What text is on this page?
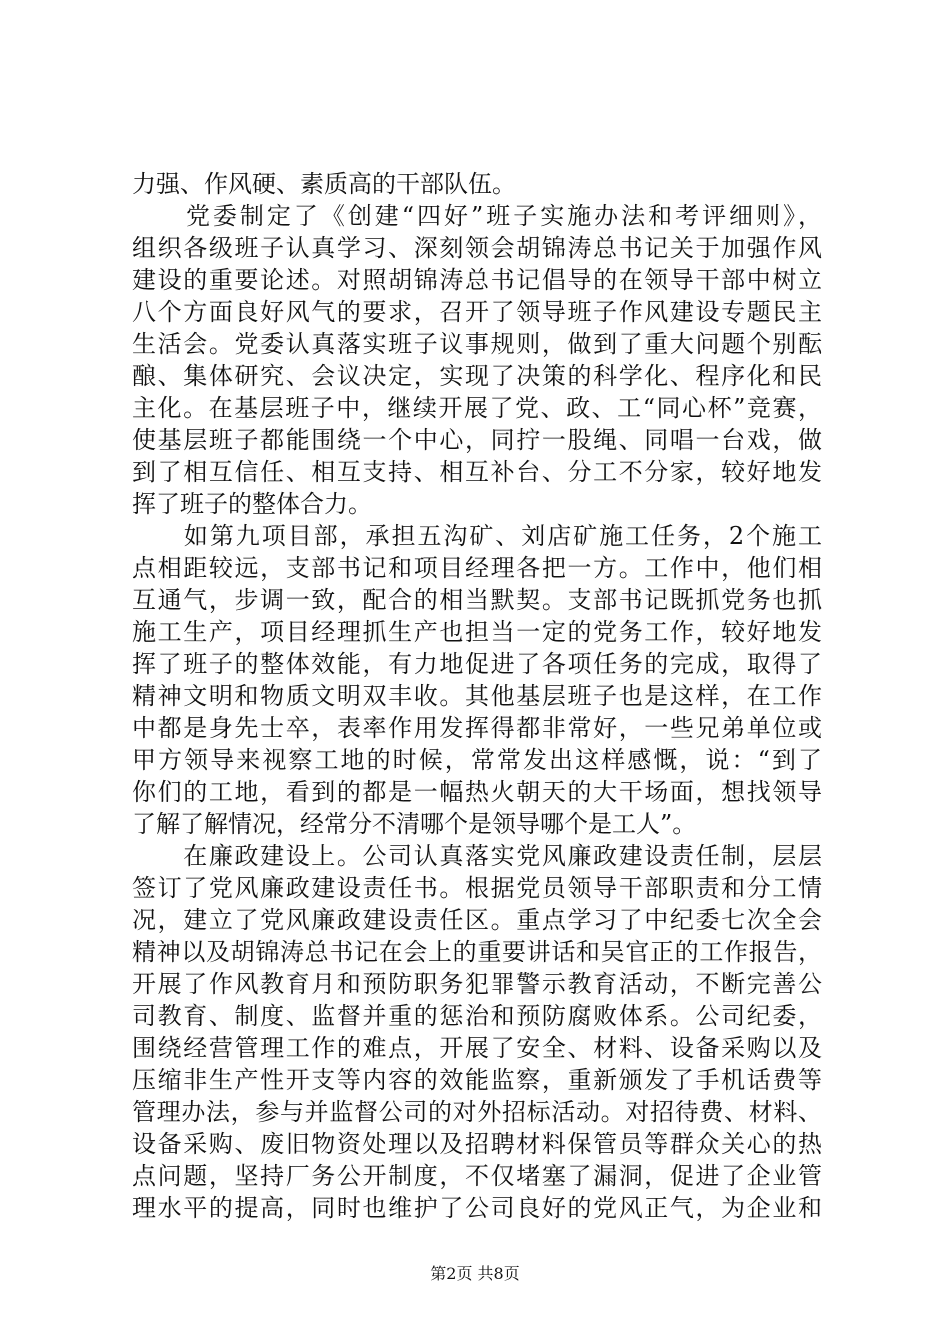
力强、作风硬、素质高的干部队伍。
　　党委制定了《创建“四好”班子实施办法和考评细则》，
组织各级班子认真学习、深刻领会胡锦涛总书记关于加强作风
建设的重要论述。对照胡锦涛总书记倡导的在领导干部中树立
八个方面良好风气的要求，召开了领导班子作风建设专题民主
生活会。党委认真落实班子议事规则，做到了重大问题个别酝
酿、集体研究、会议决定，实现了决策的科学化、程序化和民
主化。在基层班子中，继续开展了党、政、工“同心杯”竞赛，
使基层班子都能围绕一个中心，同拧一股绳、同唱一台戏，做
到了相互信任、相互支持、相互补台、分工不分家，较好地发
挥了班子的整体合力。
　　如第九项目部，承担五沟矿、刘店矿施工任务，2个施工
点相距较远，支部书记和项目经理各把一方。工作中，他们相
互通气，步调一致，配合的相当默契。支部书记既抓党务也抓
施工生产，项目经理抓生产也担当一定的党务工作，较好地发
挥了班子的整体效能，有力地促进了各项任务的完成，取得了
精神文明和物质文明双丰收。其他基层班子也是这样，在工作
中都是身先士卒，表率作用发挥得都非常好，一些兄弟单位或
甲方领导来视察工地的时候，常常发出这样感慨，说：“到了
你们的工地，看到的都是一幅热火朝天的大干场面，想找领导
了解了解情况，经常分不清哪个是领导哪个是工人”。
　　在廉政建设上。公司认真落实党风廉政建设责任制，层层
签订了党风廉政建设责任书。根据党员领导干部职责和分工情
况，建立了党风廉政建设责任区。重点学习了中纪委七次全会
精神以及胡锦涛总书记在会上的重要讲话和吴官正的工作报告，
开展了作风教育月和预防职务犯罪警示教育活动，不断完善公
司教育、制度、监督并重的惩治和预防腐败体系。公司纪委，
围绕经营管理工作的难点，开展了安全、材料、设备采购以及
压缩非生产性开支等内容的效能监察，重新颁发了手机话费等
管理办法，参与并监督公司的对外招标活动。对招待费、材料、
设备采购、废旧物资处理以及招聘材料保管员等群众关心的热
点问题，坚持厂务公开制度，不仅堵塞了漏洞，促进了企业管
理水平的提高，同时也维护了公司良好的党风正气，为企业和
第2页 共8页
